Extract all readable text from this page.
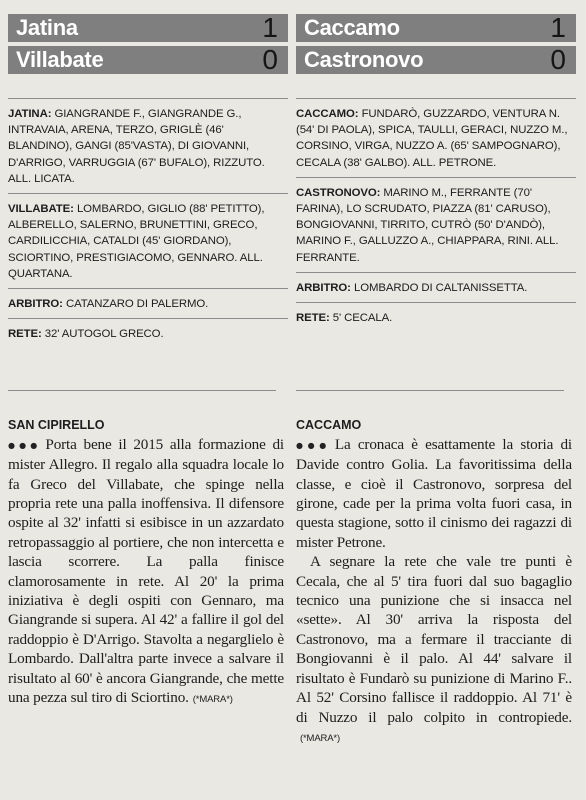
Jatina	1
Villabate	0

JATINA: GIANGRANDE F., GIANGRANDE G., INTRAVAIA, ARENA, TERZO, GRIGLÈ (46' BLANDINO), GANGI (85'VASTA), DI GIOVANNI, D'ARRIGO, VARRUGGIA (67' BUFALO), RIZZUTO. ALL. LICATA.

VILLABATE: LOMBARDO, GIGLIO (88' PETITTO), ALBERELLO, SALERNO, BRUNETTINI, GRECO, CARDILICCHIA, CATALDI (45' GIORDANO), SCIORTINO, PRESTIGIACOMO, GENNARO. ALL. QUARTANA.

ARBITRO: CATANZARO DI PALERMO.

RETE: 32' AUTOGOL GRECO.

Caccamo	1
Castronovo	0

CACCAMO: FUNDARÒ, GUZZARDO, VENTURA N. (54' DI PAOLA), SPICA, TAULLI, GERACI, NUZZO M., CORSINO, VIRGA, NUZZO A. (65' SAMPOGNARO), CECALA (38' GALBO). ALL. PETRONE.

CASTRONOVO: MARINO M., FERRANTE (70' FARINA), LO SCRUDATO, PIAZZA (81' CARUSO), BONGIOVANNI, TIRRITO, CUTRÒ (50' D'ANDÒ), MARINO F., GALLUZZO A., CHIAPPARA, RINI. ALL. FERRANTE.

ARBITRO: LOMBARDO DI CALTANISSETTA.

RETE: 5' CECALA.

SAN CIPIRELLO

●●● Porta bene il 2015 alla formazione di mister Allegro. Il regalo alla squadra locale lo fa Greco del Villabate, che spinge nella propria rete una palla inoffensiva. Il difensore ospite al 32' infatti si esibisce in un azzardato retropassaggio al portiere, che non intercetta e lascia scorrere. La palla finisce clamorosamente in rete. Al 20' la prima iniziativa è degli ospiti con Gennaro, ma Giangrande si supera. Al 42' a fallire il gol del raddoppio è D'Arrigo. Stavolta a negarglielo è Lombardo. Dall'altra parte invece a salvare il risultato al 60' è ancora Giangrande, che mette una pezza sul tiro di Sciortino. (*MARA*)

CACCAMO

●●● La cronaca è esattamente la storia di Davide contro Golia. La favoritissima della classe, e cioè il Castronovo, sorpresa del girone, cade per la prima volta fuori casa, in questa stagione, sotto il cinismo dei ragazzi di mister Petrone.

A segnare la rete che vale tre punti è Cecala, che al 5' tira fuori dal suo bagaglio tecnico una punizione che si insacca nel «sette». Al 30' arriva la risposta del Castronovo, ma a fermare il tracciante di Bongiovanni è il palo. Al 44' salvare il risultato è Fundarò su punizione di Marino F.. Al 52' Corsino fallisce il raddoppio. Al 71' è di Nuzzo il palo colpito in contropiede.(*MARA*)
